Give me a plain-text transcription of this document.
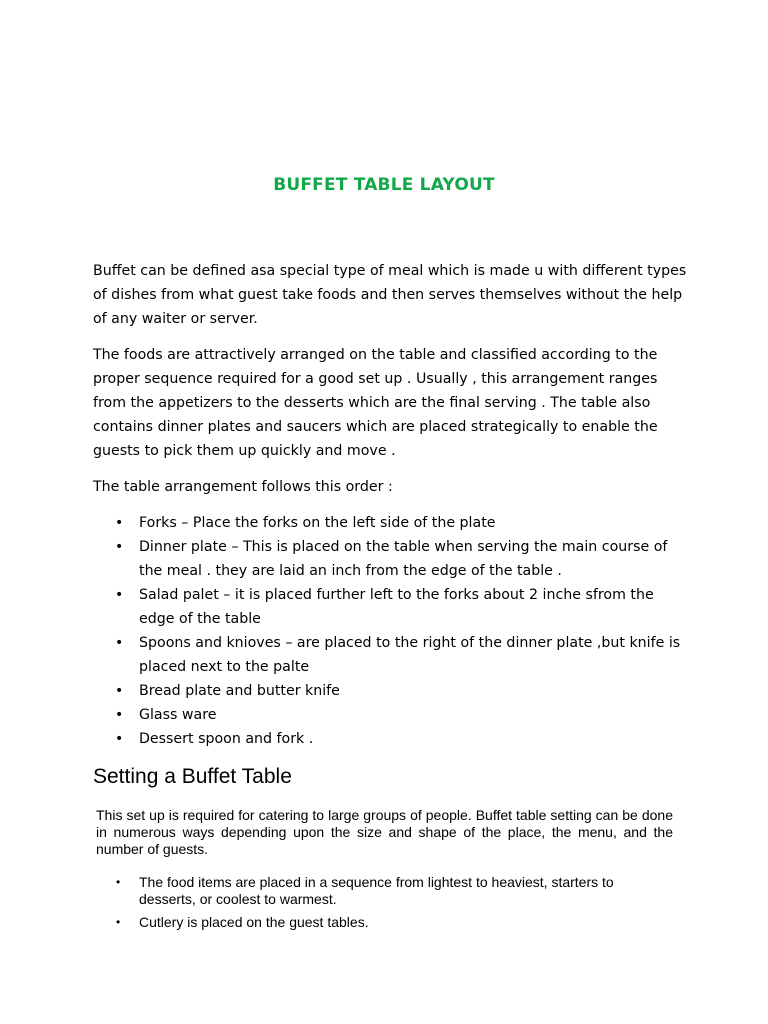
BUFFET TABLE LAYOUT

Buffet can be defined asa special type of meal which is made u with different types of dishes from what guest take foods and then serves themselves without the help of any waiter or server.

The foods are attractively arranged on the table and classified according to the proper sequence required for a good set up . Usually , this arrangement ranges from the appetizers to the desserts which are the final serving . The table also contains dinner plates and saucers which are placed strategically to enable the guests to pick them up quickly and move .

The table arrangement follows this order :

• Forks – Place the forks on the left side of the plate
• Dinner plate – This is placed on the table when serving the main course of the meal . they are laid an inch from the edge of the table .
• Salad palet – it is placed further left to the forks about 2 inche sfrom the edge of the table
• Spoons and knioves – are placed to the right of the dinner plate ,but knife is placed next to the palte
• Bread plate and butter knife
• Glass ware
• Dessert spoon and fork .
Setting a Buffet Table

This set up is required for catering to large groups of people. Buffet table setting can be done in numerous ways depending upon the size and shape of the place, the menu, and the number of guests.

• The food items are placed in a sequence from lightest to heaviest, starters to desserts, or coolest to warmest.
• Cutlery is placed on the guest tables.
